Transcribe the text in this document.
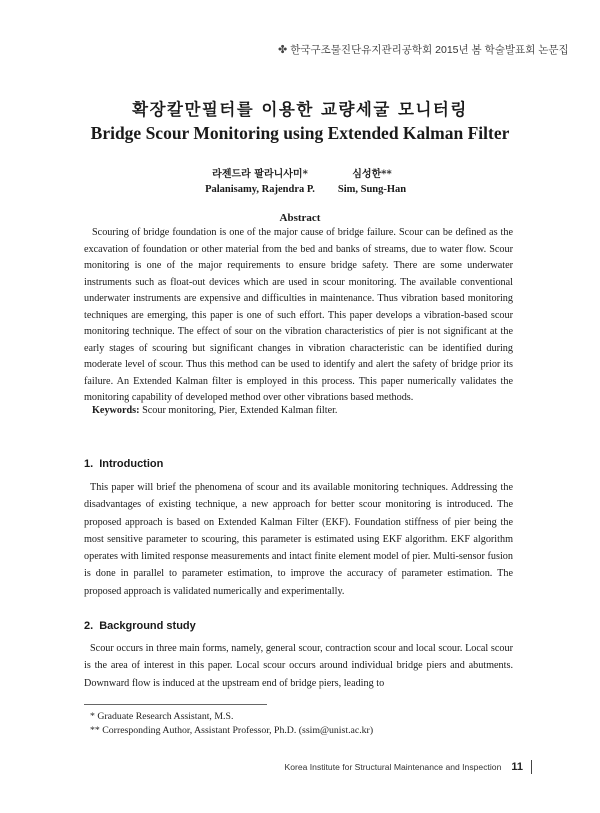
✤ 한국구조물진단유지관리공학회 2015년 봄 학술발표회 논문집
확장칼만필터를 이용한 교량세굴 모니터링
Bridge Scour Monitoring using Extended Kalman Filter
라젠드라 팔라니사미*
Palanisamy, Rajendra P.
심성한**
Sim, Sung-Han
Abstract

Scouring of bridge foundation is one of the major cause of bridge failure. Scour can be defined as the excavation of foundation or other material from the bed and banks of streams, due to water flow. Scour monitoring is one of the major requirements to ensure bridge safety. There are some underwater instruments such as float-out devices which are used in scour monitoring. The available conventional underwater instruments are expensive and difficulties in maintenance. Thus vibration based monitoring techniques are emerging, this paper is one of such effort. This paper develops a vibration-based scour monitoring technique. The effect of sour on the vibration characteristics of pier is not significant at the early stages of scouring but significant changes in vibration characteristic can be identified during moderate level of scour. Thus this method can be used to identify and alert the safety of bridge prior its failure. An Extended Kalman filter is employed in this process. This paper numerically validates the monitoring capability of developed method over other vibrations based methods.

Keywords: Scour monitoring, Pier, Extended Kalman filter.
1. Introduction

This paper will brief the phenomena of scour and its available monitoring techniques. Addressing the disadvantages of existing technique, a new approach for better scour monitoring is introduced. The proposed approach is based on Extended Kalman Filter (EKF). Foundation stiffness of pier being the most sensitive parameter to scouring, this parameter is estimated using EKF algorithm. EKF algorithm operates with limited response measurements and intact finite element model of pier. Multi-sensor fusion is done in parallel to parameter estimation, to improve the accuracy of parameter estimation. The proposed approach is validated numerically and experimentally.

2. Background study

Scour occurs in three main forms, namely, general scour, contraction scour and local scour. Local scour is the area of interest in this paper. Local scour occurs around individual bridge piers and abutments. Downward flow is induced at the upstream end of bridge piers, leading to

* Graduate Research Assistant, M.S.
** Corresponding Author, Assistant Professor, Ph.D. (ssim@unist.ac.kr)
Korea Institute for Structural Maintenance and Inspection 11
